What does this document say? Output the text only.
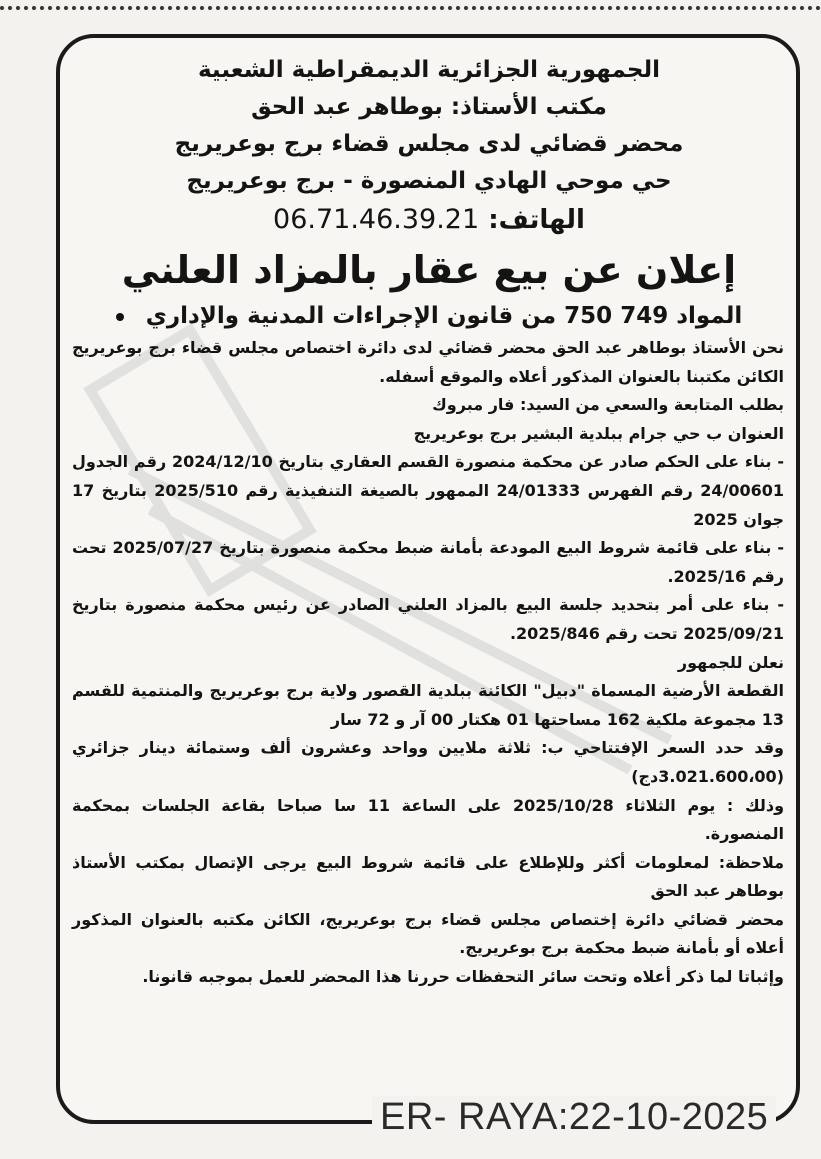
الجمهورية الجزائرية الديمقراطية الشعبية
مكتب الأستاذ: بوطاهر عبد الحق
محضر قضائي لدى مجلس قضاء برج بوعريريج
حي موحي الهادي المنصورة - برج بوعريريج
الهاتف: 06.71.46.39.21
إعلان عن بيع عقار بالمزاد العلني
المواد 749 750 من قانون الإجراءات المدنية والإداري

نحن الأستاذ بوطاهر عبد الحق محضر قضائي لدى دائرة اختصاص مجلس قضاء برج بوعريريج الكائن مكتبنا بالعنوان المذكور أعلاه والموقع أسفله.

بطلب المتابعة والسعي من السيد: فار مبروك

العنوان ب حي جرام ببلدية البشير برج بوعريريج

- بناء على الحكم صادر عن محكمة منصورة القسم العقاري بتاريخ 2024/12/10 رقم الجدول 24/00601 رقم الفهرس 24/01333 الممهور بالصيغة التنفيذية رقم 2025/510 بتاريخ 17 جوان 2025

- بناء على قائمة شروط البيع المودعة بأمانة ضبط محكمة منصورة بتاريخ 2025/07/27 تحت رقم 2025/16.

- بناء على أمر بتحديد جلسة البيع بالمزاد العلني الصادر عن رئيس محكمة منصورة بتاريخ 2025/09/21 تحت رقم 2025/846.

نعلن للجمهور

القطعة الأرضية المسماة "دبيل" الكائنة ببلدية القصور ولاية برج بوعريريج والمنتمية للقسم 13 مجموعة ملكية 162 مساحتها 01 هكتار 00 آر و 72 سار

وقد حدد السعر الإفتتاحي ب: ثلاثة ملايين وواحد وعشرون ألف وستمائة دينار جزائري (3.021.600،00دج)

وذلك : يوم الثلاثاء 2025/10/28 على الساعة 11 سا صباحا بقاعة الجلسات بمحكمة المنصورة.

ملاحظة: لمعلومات أكثر وللإطلاع على قائمة شروط البيع يرجى الإتصال بمكتب الأستاذ بوطاهر عبد الحق

محضر قضائي دائرة إختصاص مجلس قضاء برج بوعريريج، الكائن مكتبه بالعنوان المذكور أعلاه أو بأمانة ضبط محكمة برج بوعريريج.

وإثباتا لما ذكر أعلاه وتحت سائر التحفظات حررنا هذا المحضر للعمل بموجبه قانونا.

ER- RAYA:22-10-2025
